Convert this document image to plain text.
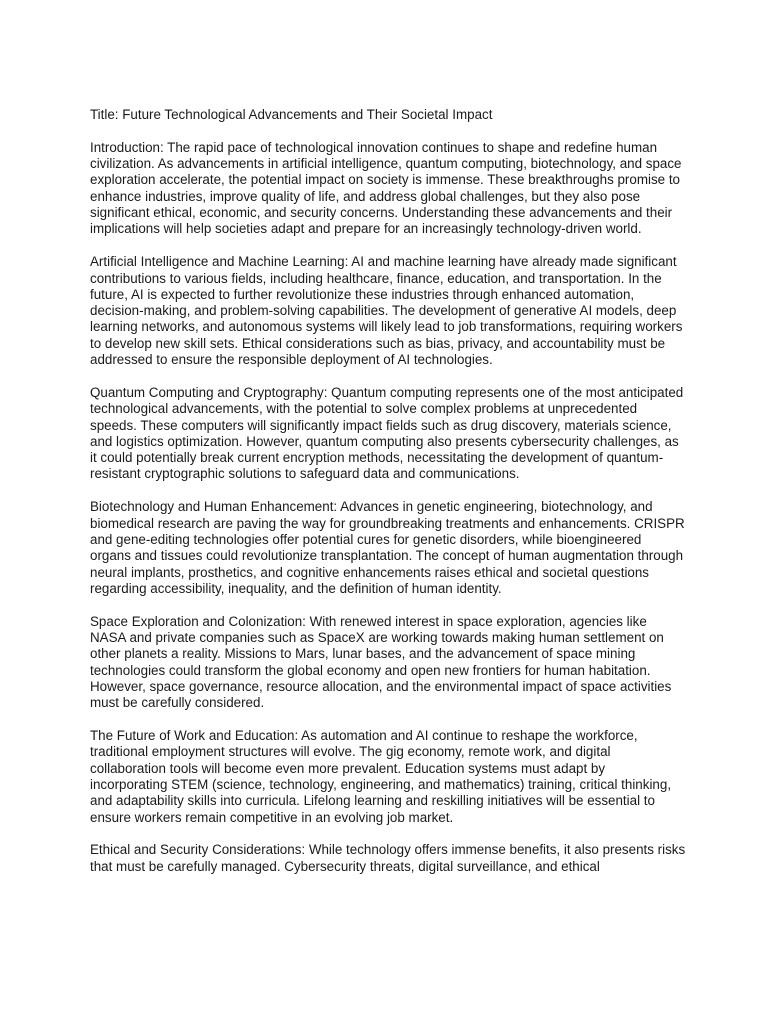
Title: Future Technological Advancements and Their Societal Impact

Introduction: The rapid pace of technological innovation continues to shape and redefine human civilization. As advancements in artificial intelligence, quantum computing, biotechnology, and space exploration accelerate, the potential impact on society is immense. These breakthroughs promise to enhance industries, improve quality of life, and address global challenges, but they also pose significant ethical, economic, and security concerns. Understanding these advancements and their implications will help societies adapt and prepare for an increasingly technology-driven world.

Artificial Intelligence and Machine Learning: AI and machine learning have already made significant contributions to various fields, including healthcare, finance, education, and transportation. In the future, AI is expected to further revolutionize these industries through enhanced automation, decision-making, and problem-solving capabilities. The development of generative AI models, deep learning networks, and autonomous systems will likely lead to job transformations, requiring workers to develop new skill sets. Ethical considerations such as bias, privacy, and accountability must be addressed to ensure the responsible deployment of AI technologies.

Quantum Computing and Cryptography: Quantum computing represents one of the most anticipated technological advancements, with the potential to solve complex problems at unprecedented speeds. These computers will significantly impact fields such as drug discovery, materials science, and logistics optimization. However, quantum computing also presents cybersecurity challenges, as it could potentially break current encryption methods, necessitating the development of quantum-resistant cryptographic solutions to safeguard data and communications.

Biotechnology and Human Enhancement: Advances in genetic engineering, biotechnology, and biomedical research are paving the way for groundbreaking treatments and enhancements. CRISPR and gene-editing technologies offer potential cures for genetic disorders, while bioengineered organs and tissues could revolutionize transplantation. The concept of human augmentation through neural implants, prosthetics, and cognitive enhancements raises ethical and societal questions regarding accessibility, inequality, and the definition of human identity.

Space Exploration and Colonization: With renewed interest in space exploration, agencies like NASA and private companies such as SpaceX are working towards making human settlement on other planets a reality. Missions to Mars, lunar bases, and the advancement of space mining technologies could transform the global economy and open new frontiers for human habitation. However, space governance, resource allocation, and the environmental impact of space activities must be carefully considered.

The Future of Work and Education: As automation and AI continue to reshape the workforce, traditional employment structures will evolve. The gig economy, remote work, and digital collaboration tools will become even more prevalent. Education systems must adapt by incorporating STEM (science, technology, engineering, and mathematics) training, critical thinking, and adaptability skills into curricula. Lifelong learning and reskilling initiatives will be essential to ensure workers remain competitive in an evolving job market.

Ethical and Security Considerations: While technology offers immense benefits, it also presents risks that must be carefully managed. Cybersecurity threats, digital surveillance, and ethical
